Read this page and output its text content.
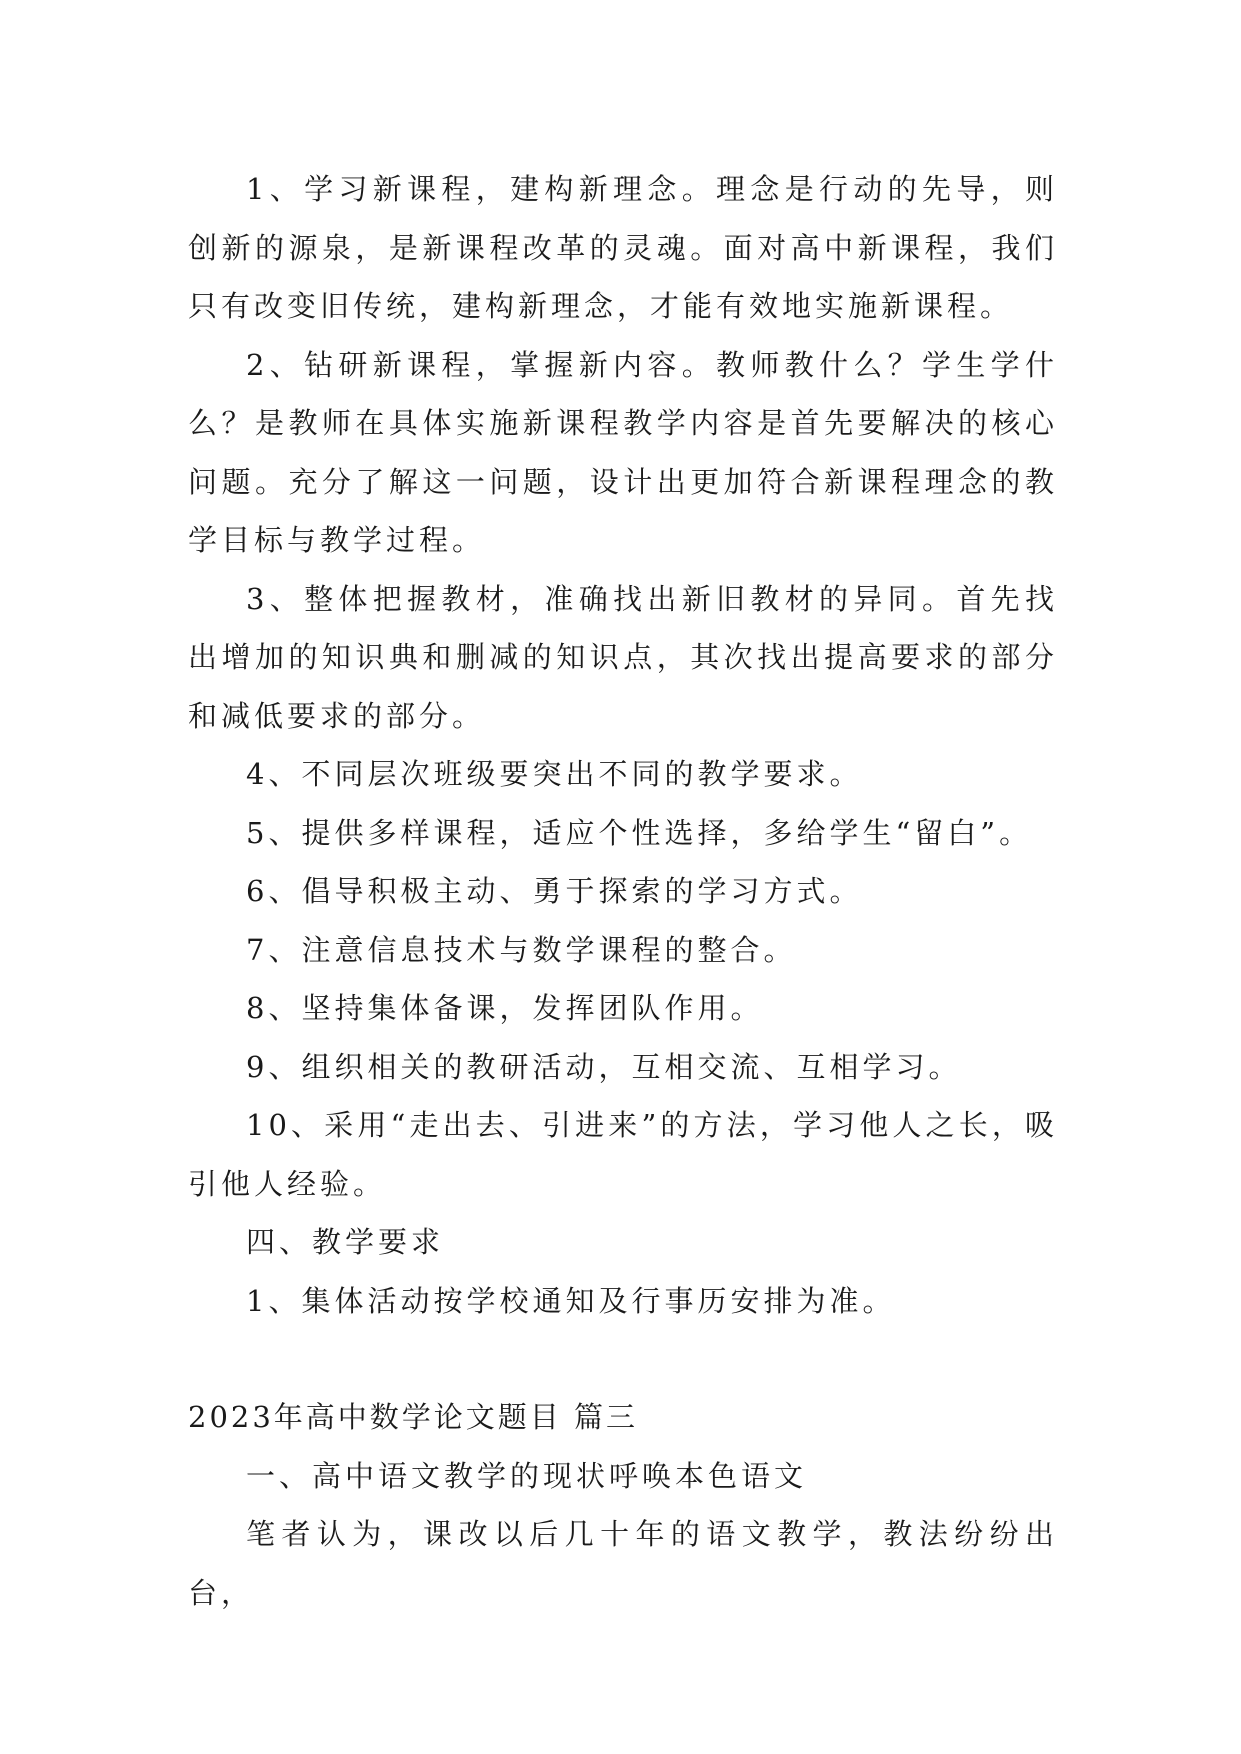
1、学习新课程，建构新理念。理念是行动的先导，则创新的源泉，是新课程改革的灵魂。面对高中新课程，我们只有改变旧传统，建构新理念，才能有效地实施新课程。

2、钻研新课程，掌握新内容。教师教什么？学生学什么？是教师在具体实施新课程教学内容是首先要解决的核心问题。充分了解这一问题，设计出更加符合新课程理念的教学目标与教学过程。

3、整体把握教材，准确找出新旧教材的异同。首先找出增加的知识典和删减的知识点，其次找出提高要求的部分和减低要求的部分。

4、不同层次班级要突出不同的教学要求。

5、提供多样课程，适应个性选择，多给学生“留白”。

6、倡导积极主动、勇于探索的学习方式。

7、注意信息技术与数学课程的整合。

8、坚持集体备课，发挥团队作用。

9、组织相关的教研活动，互相交流、互相学习。

10、采用“走出去、引进来”的方法，学习他人之长，吸引他人经验。

四、教学要求

1、集体活动按学校通知及行事历安排为准。

2023年高中数学论文题目 篇三

一、高中语文教学的现状呼唤本色语文

笔者认为，课改以后几十年的语文教学，教法纷纷出台，
